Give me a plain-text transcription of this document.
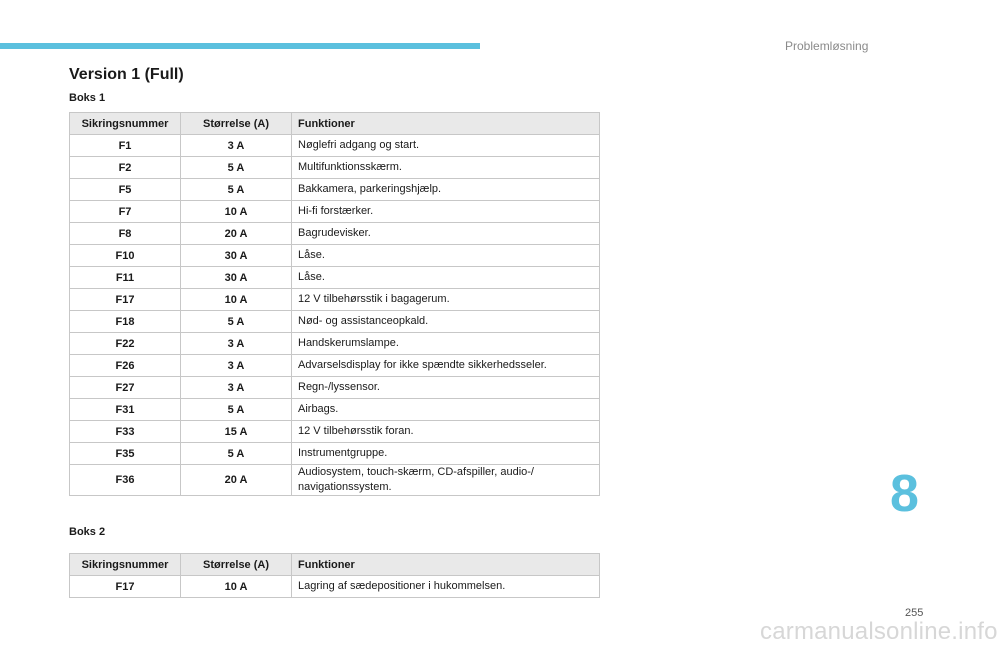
Problemløsning
Version 1 (Full)
Boks 1
Sikringsnummer	Størrelse (A)	Funktioner
F1	3 A	Nøglefri adgang og start.
F2	5 A	Multifunktionsskærm.
F5	5 A	Bakkamera, parkeringshjælp.
F7	10 A	Hi-fi forstærker.
F8	20 A	Bagrudevisker.
F10	30 A	Låse.
F11	30 A	Låse.
F17	10 A	12 V tilbehørsstik i bagagerum.
F18	5 A	Nød- og assistanceopkald.
F22	3 A	Handskerumslampe.
F26	3 A	Advarselsdisplay for ikke spændte sikkerhedsseler.
F27	3 A	Regn-/lyssensor.
F31	5 A	Airbags.
F33	15 A	12 V tilbehørsstik foran.
F35	5 A	Instrumentgruppe.
F36	20 A	Audiosystem, touch-skærm, CD-afspiller, audio-/ navigationssystem.
Boks 2
Sikringsnummer	Størrelse (A)	Funktioner
F17	10 A	Lagring af sædepositioner i hukommelsen.
8
255
carmanualsonline.info
